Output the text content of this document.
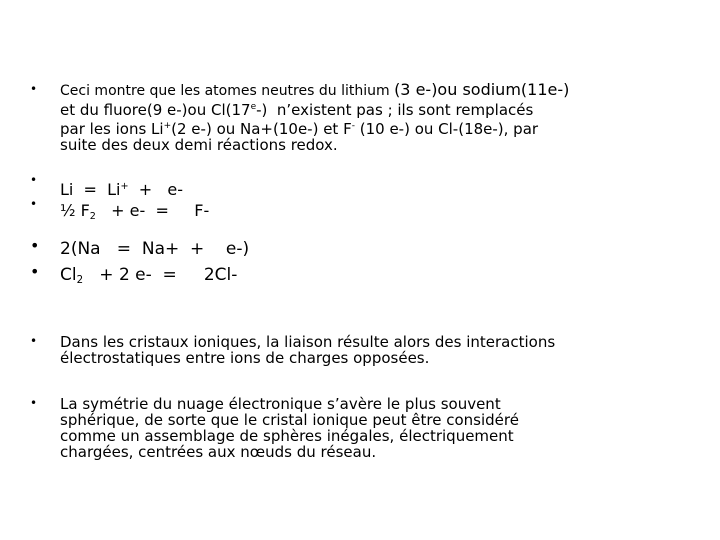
• Ceci montre que les atomes neutres du lithium (3 e-)ou sodium(11e-)
et du fluore(9 e-)ou Cl(17e-)  n’existent pas ; ils sont remplacés
par les ions Li+(2 e-) ou Na+(10e-) et F- (10 e-) ou Cl-(18e-), par
suite des deux demi réactions redox.
• Li  =  Li+  +   e-
• ½ $F_2 + e-$  =     F-
• 2(Na   =  Na+  +    e-)
• $Cl_2 + 2$ e-  =     2Cl-
• Dans les cristaux ioniques, la liaison résulte alors des interactions
électrostatiques entre ions de charges opposées.
• La symétrie du nuage électronique s’avère le plus souvent
sphérique, de sorte que le cristal ionique peut être considéré
comme un assemblage de sphères inégales, électriquement
chargées, centrées aux nœuds du réseau.
